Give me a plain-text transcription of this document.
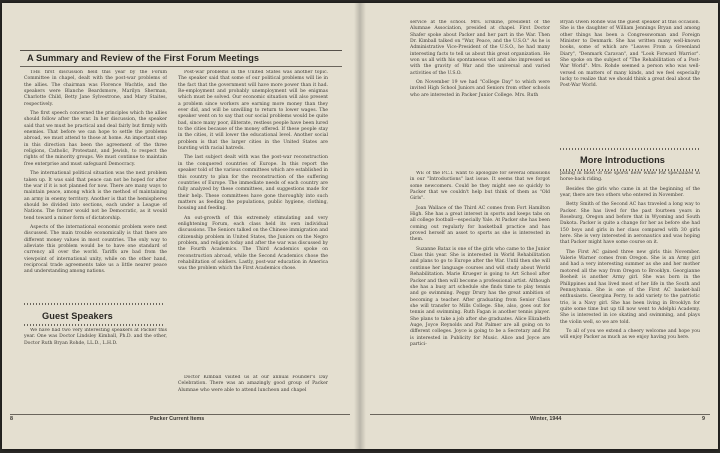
A Summary and Review of the First Forum Meetings

THE first discussion held this year by the Forum Committee in chapel, dealt with the post-war problems of the allies. The chairman was Florence Wachtle, and the speakers were Blanche Beardsmore, Marilyn Sherman, Charlotte Child, Betty Jane Sylvestrone, and Mary Staites, respectively.

The first speech concerned the principles which the allies should follow after the war. In her discussion, the speaker said that we must be practical and deal fairly but firmly with enemies. That before we can hope to settle the problems abroad, we must attend to those at home. An important step in this direction has been the agreement of the three religions, Catholic, Protestant, and Jewish, to respect the rights of the minority groups. We must continue to maintain free enterprise and must safeguard Democracy.

The international political situation was the next problem taken up. It was said that peace can not be hoped for after the war if it is not planned for now. There are many ways to maintain peace, among which is the method of maintaining an army in enemy territory. Another is that the hemispheres should be divided into sections, each under a League of Nations. The former would not be Democratic, as it would tend toward a minor form of dictatorship.

Aspects of the international economic problem were next discussed. The main trouble economically is that there are different money values in most countries. The only way to alleviate this problem would be to have one standard of currency all over the world. Tariffs are bad from the viewpoint of international unity, while on the other hand, reciprocal trade agreements take us a little nearer peace and understanding among nations.

Post-war problems in the United States was another topic. The speaker said that some of our political problems will lie in the fact that the government will have more power than it had. Re-employment and probably unemployment will be enigmas which must be solved. Our economic situation will also present a problem since workers are earning more money than they ever did, and will be unwilling to return to lower wages. The speaker went on to say that our social problems would be quite bad, since many poor, illiterate, restless people have been lured to the cities because of the money offered. If these people stay in the cities, it will lower the educational level. Another social problem is that the larger cities in the United States are bursting with racial hatreds.

The last subject dealt with was the post-war reconstruction in the conquered countries of Europe. In this report the speaker told of the various committees which are established in this country to plan for the reconstruction of the suffering countries of Europe. The immediate needs of each country are fully analyzed by these committees, and suggestions made for their help. These committees have gone thoroughly into such matters as feeding the populations, public hygiene, clothing, housing and feeding.

An out-growth of this extremely stimulating and very enlightening Forum, each class held its own individual discussions. The Seniors talked on the Chinese immigration and citizenship problem in United States, the Juniors on the Negro problem, and religion today and after the war was discussed by the Fourth Academics. The Third Academics spoke on reconstruction abroad, while the Second Academics chose the rehabilitation of soldiers. Lastly, post-war education in America was the problem which the First Academics chose.

Guest Speakers

We have had two very interesting speakers at Packer this year. One was Doctor Lindsley Kimball, Ph.D. and the other, Doctor Ruth Bryan Rohde, LL.D., L.H.D.

Doctor Kimball visited us at our annual Founder's Day Celebration. There was an amazingly good group of Packer Alumnae who were able to attend luncheon and chapel

8	Packer Current Items

service at the school. Mrs. Erskine, president of the Alumnae Association, presided at chapel. First Doctor Shafer spoke about Packer and her part in the War. Then Dr. Kimball talked on "War, Peace, and the U.S.O." As he is Administrative Vice-President of the U.S.O., he had many interesting facts to tell us about this great organization. He won us all with his spontaneous wit and also impressed us with the gravity of War and the universal and varied activities of the U.S.O.

On November 19 we had "College Day" to which were invited High School Juniors and Seniors from other schools who are interested in Packer Junior College. Mrs. Ruth

Bryan Owen Rohde was the guest speaker at this occasion. She is the daughter of William Jennings Bryan and among other things has been a Congresswoman and Foreign Minister to Denmark. She has written many well-known books, some of which are "Leaves From a Greenland Diary", "Denmark Caravan", and "Look Forward Warrior". She spoke on the subject of "The Rehabilitation of a Post-War World". Mrs. Rohde seemed a person who was well-versed on matters of many kinds, and we feel especially lucky to realize that we should think a great deal about the Post-War World.

More Introductions

WE of the P.C.I. want to apologize for several omissions in our "Introductions" last issue. It seems that we forgot some newcomers. Could be they might see so quickly to Packer that we couldn't help but think of them as "Old Girls".

Joan Wallace of the Third AC comes from Fort Hamilton High. She has a great interest in sports and keeps tabs on all college football—especially Yale. At Packer she has been coming out regularly for basketball practice and has proved herself an asset to sports as she is interested in them.

Suzanne Bataz is one of the girls who came to the Junior Class this year. She is interested in World Rehabilitation and plans to go to Europe after the War. Until then she will continue her language courses and will study about World Rehabilitation. Marie Krueger is going to Art School after Packer and then will become a professional artist. Although she has a busy art schedule she finds time to play tennis and go swimming. Peggy Drury has the great ambition of becoming a teacher. After graduating from Senior Class she will transfer to Mills College. She, also, goes out for tennis and swimming. Ruth Fagan is another tennis player. She plans to take a job after she graduates. Alice Elizabeth Auge, Joyce Reynolds and Pat Palmer are all going on to different colleges. Joyce is going to be a Secretary and Pat is interested in Publicity for Music. Alice and Joyce are partici-

pating in most of the sports here while Pat specializes in horse-back riding.

Besides the girls who came in at the beginning of the year, there are two others who entered in November.

Betty Smith of the Second AC has traveled a long way to Packer. She has lived for the past fourteen years in Roseburg, Oregon and before that in Wyoming and South Dakota. Packer is quite a change for her as before she had 150 boys and girls in her class compared with 30 girls here. She is very interested in aeronautics and was hoping that Packer might have some course on it.

The First AC gained three new girls this November. Valerie Warner comes from Oregon. She is an Army girl and had a very interesting summer as she and her mother motored all the way from Oregon to Brooklyn. Georgianne Boeheit is another Army girl. She was born in the Philippines and has lived most of her life in the South and Pennsylvania. She is one of the First AC basket-ball enthusiasts. Georgina Perry, to add variety to the patriotic trio, is a Navy girl. She has been living in Brooklyn for quite some time but up till now went to Adelphi Academy. She is interested in ice skating and swimming, and plays the violin well, so we are told.

To all of you we extend a cheery welcome and hope you will enjoy Packer as much as we enjoy having you here.

Winter, 1944	9
